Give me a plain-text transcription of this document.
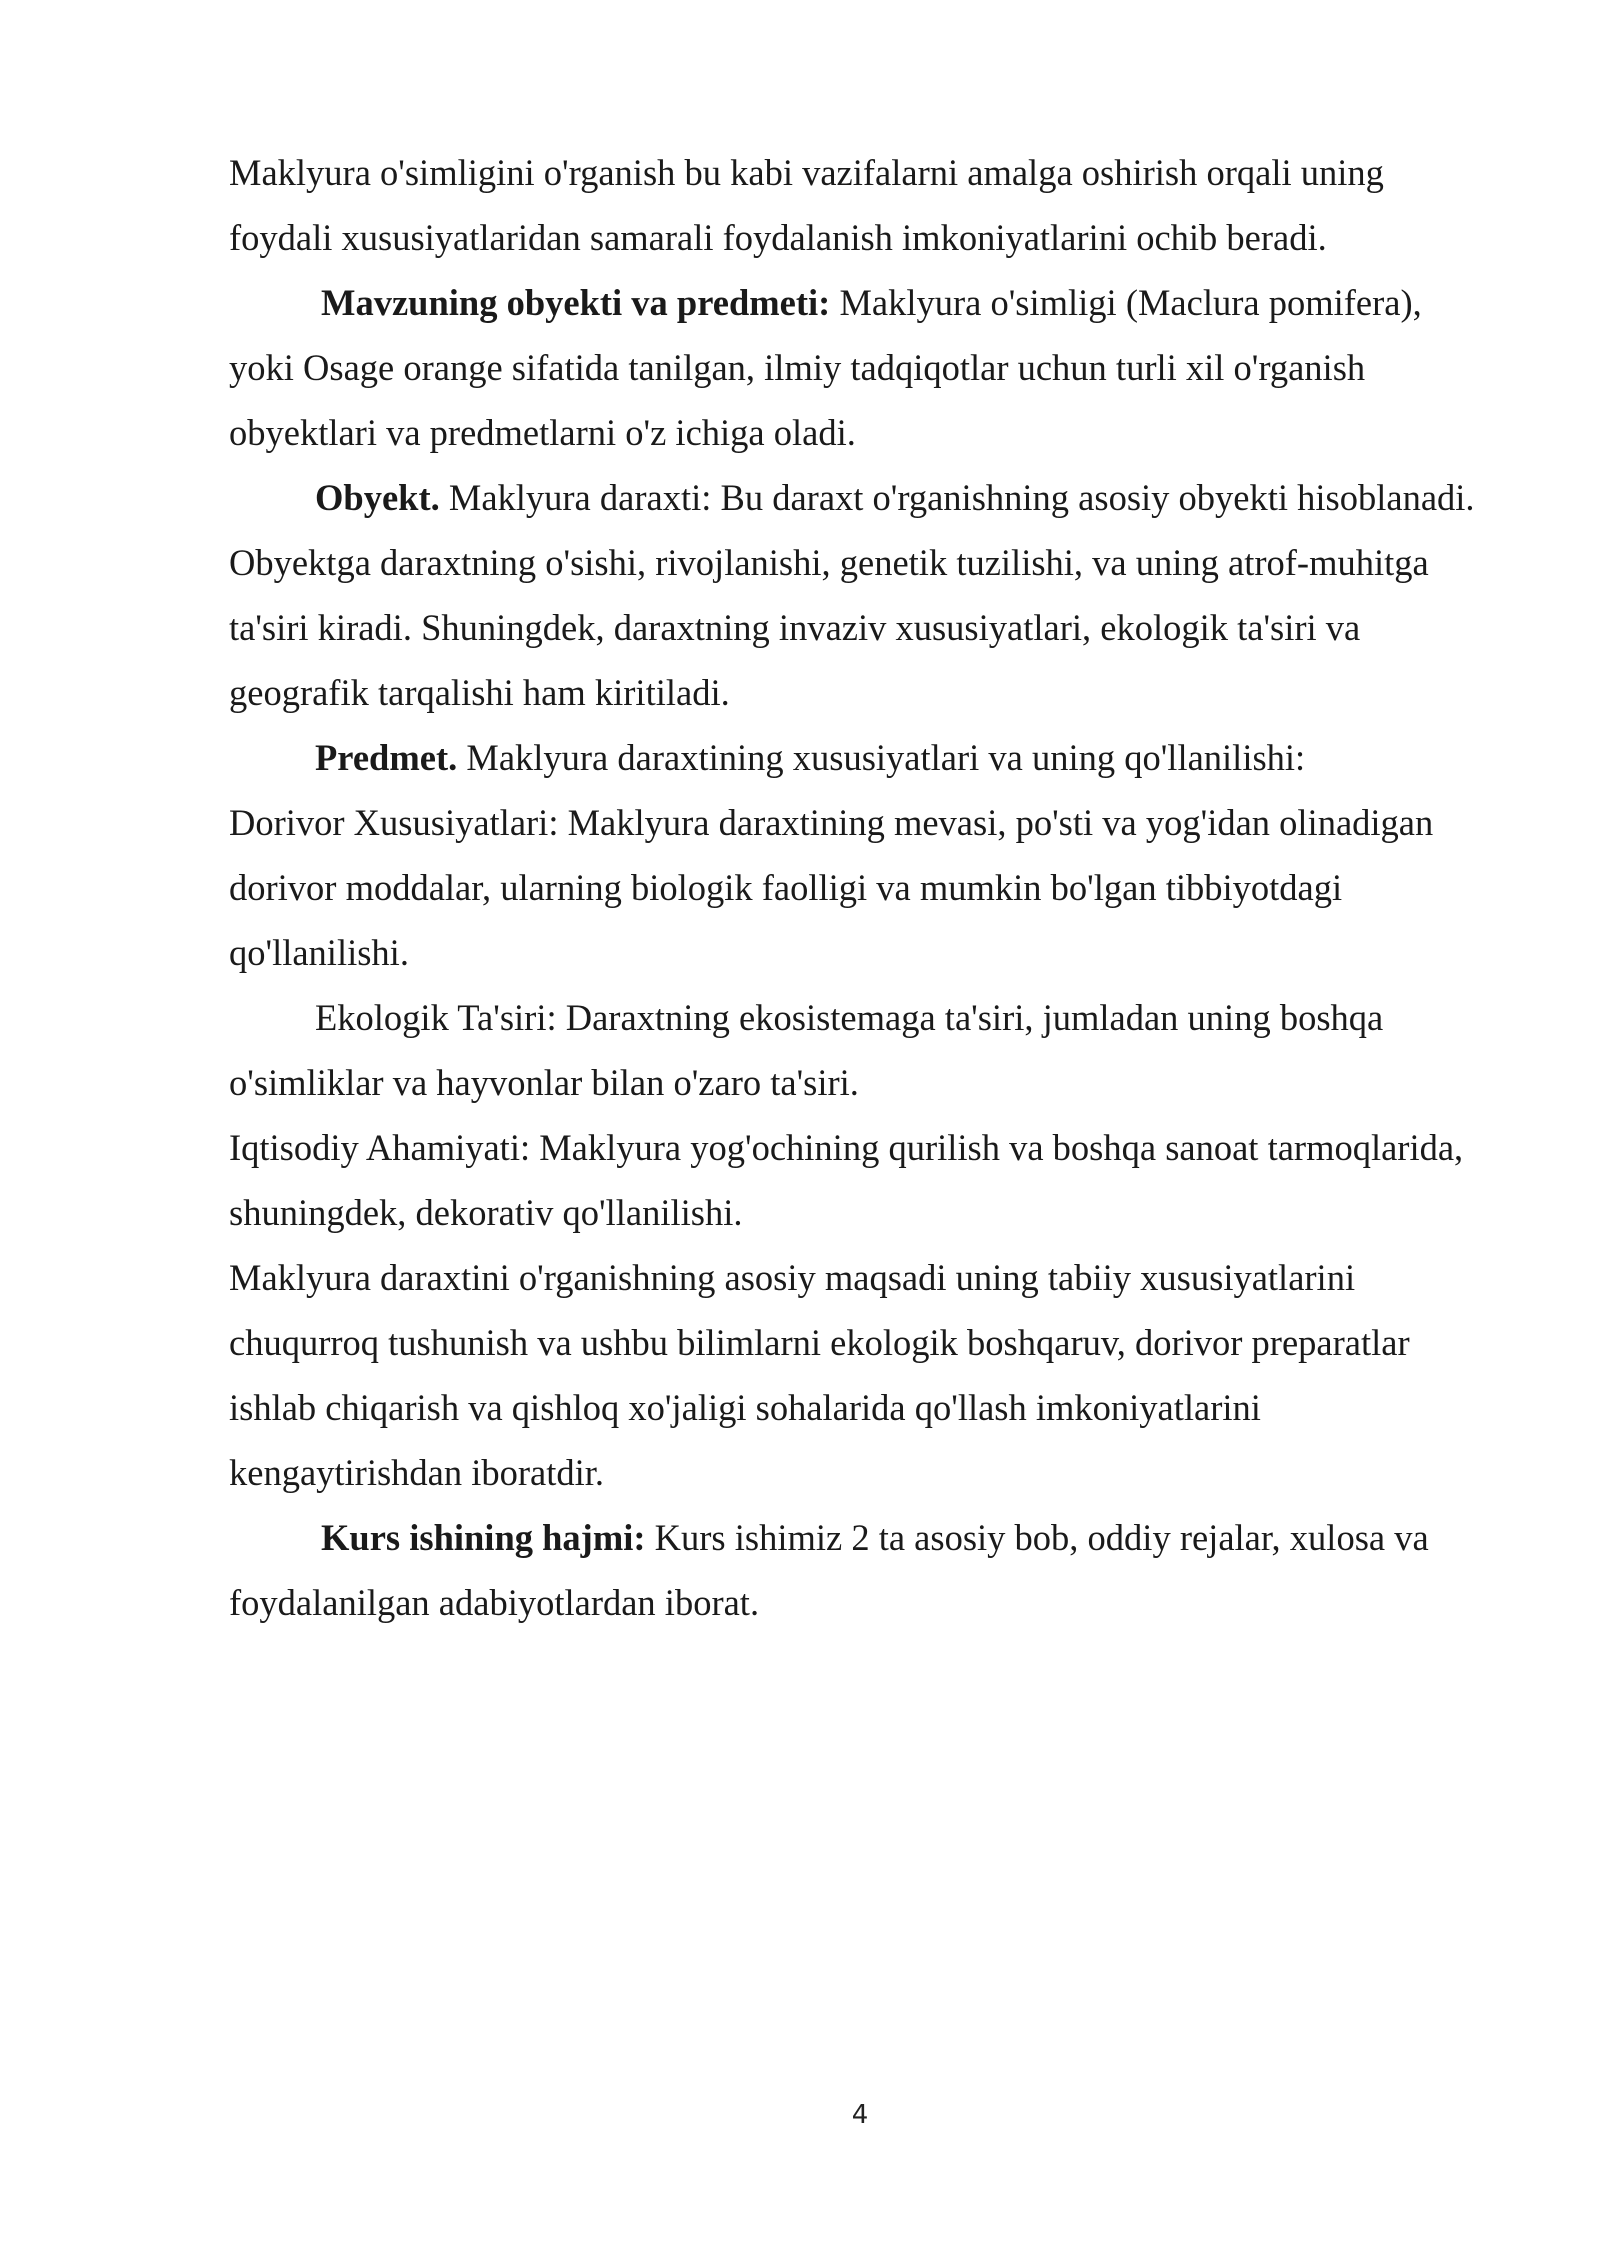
Maklyura o'simligini o'rganish bu kabi vazifalarni amalga oshirish orqali uning foydali xususiyatlaridan samarali foydalanish imkoniyatlarini ochib beradi.

Mavzuning obyekti va predmeti: Maklyura o'simligi (Maclura pomifera), yoki Osage orange sifatida tanilgan, ilmiy tadqiqotlar uchun turli xil o'rganish obyektlari va predmetlarni o'z ichiga oladi.

Obyekt. Maklyura daraxti: Bu daraxt o'rganishning asosiy obyekti hisoblanadi. Obyektga daraxtning o'sishi, rivojlanishi, genetik tuzilishi, va uning atrof-muhitga ta'siri kiradi. Shuningdek, daraxtning invaziv xususiyatlari, ekologik ta'siri va geografik tarqalishi ham kiritiladi.

Predmet. Maklyura daraxtining xususiyatlari va uning qo'llanilishi:

Dorivor Xususiyatlari: Maklyura daraxtining mevasi, po'sti va yog'idan olinadigan dorivor moddalar, ularning biologik faolligi va mumkin bo'lgan tibbiyotdagi qo'llanilishi.

Ekologik Ta'siri: Daraxtning ekosistemaga ta'siri, jumladan uning boshqa o'simliklar va hayvonlar bilan o'zaro ta'siri.

Iqtisodiy Ahamiyati: Maklyura yog'ochining qurilish va boshqa sanoat tarmoqlarida, shuningdek, dekorativ qo'llanilishi.

Maklyura daraxtini o'rganishning asosiy maqsadi uning tabiiy xususiyatlarini chuqurroq tushunish va ushbu bilimlarni ekologik boshqaruv, dorivor preparatlar ishlab chiqarish va qishloq xo'jaligi sohalarida qo'llash imkoniyatlarini kengaytirishdan iboratdir.

Kurs ishining hajmi: Kurs ishimiz 2 ta asosiy bob, oddiy rejalar, xulosa va foydalanilgan adabiyotlardan iborat.

4
